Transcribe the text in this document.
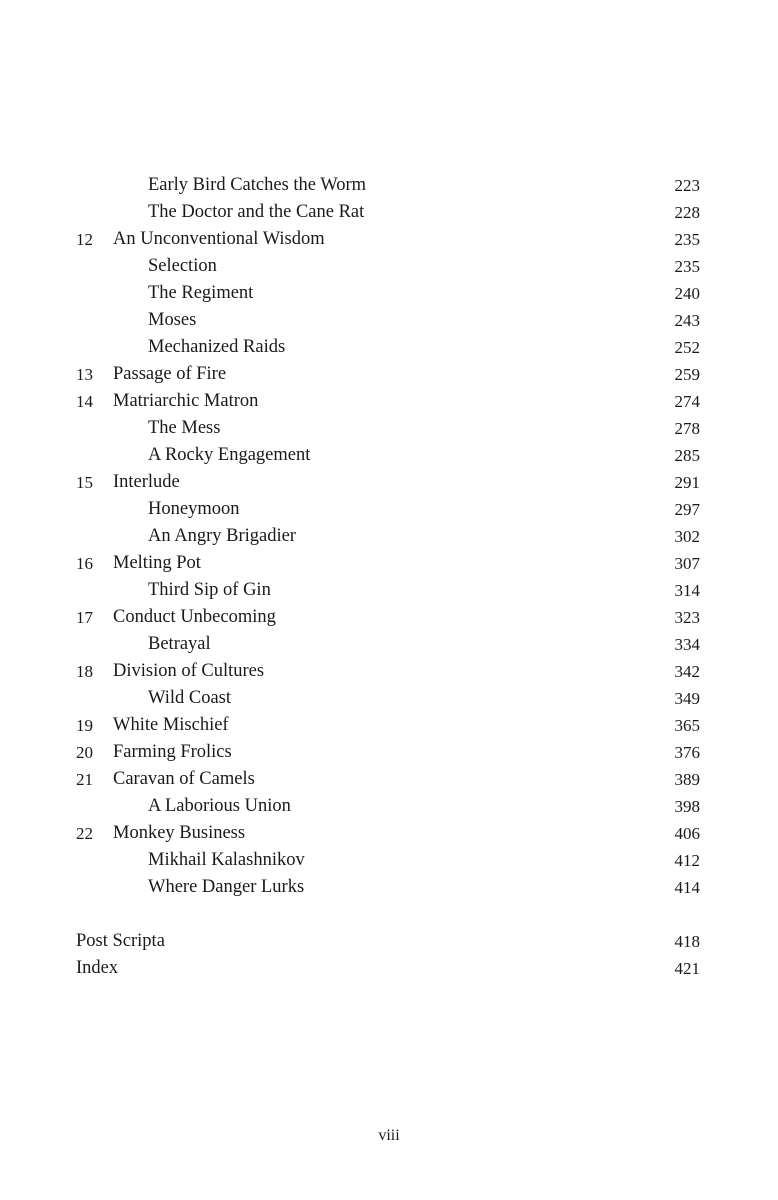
Early Bird Catches the Worm	223
The Doctor and the Cane Rat	228
12 An Unconventional Wisdom	235
Selection	235
The Regiment	240
Moses	243
Mechanized Raids	252
13 Passage of Fire	259
14 Matriarchic Matron	274
The Mess	278
A Rocky Engagement	285
15 Interlude	291
Honeymoon	297
An Angry Brigadier	302
16 Melting Pot	307
Third Sip of Gin	314
17 Conduct Unbecoming	323
Betrayal	334
18 Division of Cultures	342
Wild Coast	349
19 White Mischief	365
20 Farming Frolics	376
21 Caravan of Camels	389
A Laborious Union	398
22 Monkey Business	406
Mikhail Kalashnikov	412
Where Danger Lurks	414
Post Scripta	418
Index	421
viii
